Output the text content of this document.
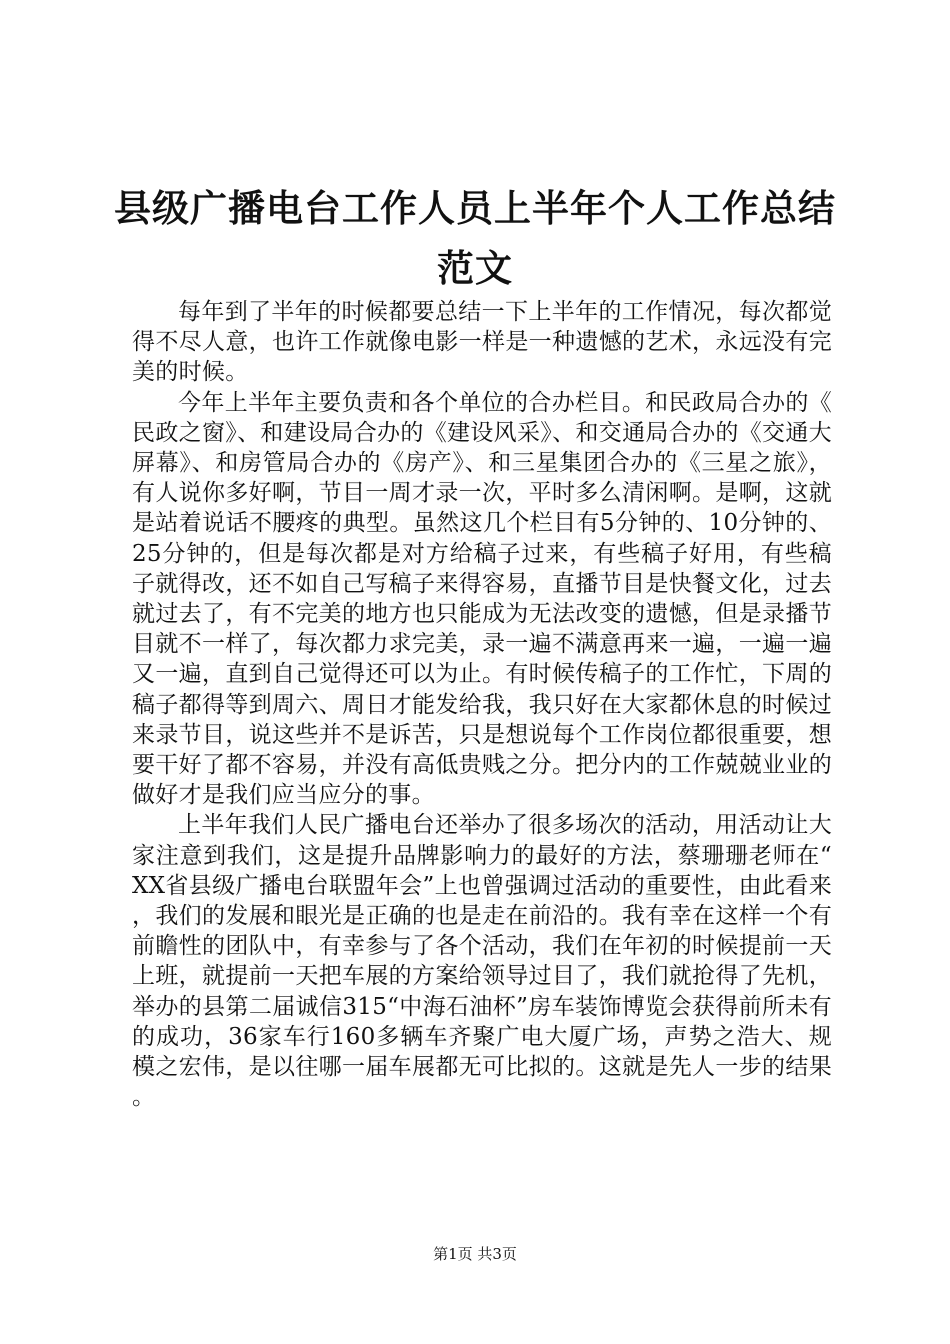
县级广播电台工作人员上半年个人工作总结范文

每年到了半年的时候都要总结一下上半年的工作情况，每次都觉得不尽人意，也许工作就像电影一样是一种遗憾的艺术，永远没有完美的时候。

今年上半年主要负责和各个单位的合办栏目。和民政局合办的《民政之窗》、和建设局合办的《建设风采》、和交通局合办的《交通大屏幕》、和房管局合办的《房产》、和三星集团合办的《三星之旅》，有人说你多好啊，节目一周才录一次，平时多么清闲啊。是啊，这就是站着说话不腰疼的典型。虽然这几个栏目有5分钟的、10分钟的、25分钟的，但是每次都是对方给稿子过来，有些稿子好用，有些稿子就得改，还不如自己写稿子来得容易，直播节目是快餐文化，过去就过去了，有不完美的地方也只能成为无法改变的遗憾，但是录播节目就不一样了，每次都力求完美，录一遍不满意再来一遍，一遍一遍又一遍，直到自己觉得还可以为止。有时候传稿子的工作忙，下周的稿子都得等到周六、周日才能发给我，我只好在大家都休息的时候过来录节目，说这些并不是诉苦，只是想说每个工作岗位都很重要，想要干好了都不容易，并没有高低贵贱之分。把分内的工作兢兢业业的做好才是我们应当应分的事。

上半年我们人民广播电台还举办了很多场次的活动，用活动让大家注意到我们，这是提升品牌影响力的最好的方法，蔡珊珊老师在“XX省县级广播电台联盟年会”上也曾强调过活动的重要性，由此看来，我们的发展和眼光是正确的也是走在前沿的。我有幸在这样一个有前瞻性的团队中，有幸参与了各个活动，我们在年初的时候提前一天上班，就提前一天把车展的方案给领导过目了，我们就抢得了先机，举办的县第二届诚信315“中海石油杯”房车装饰博览会获得前所未有的成功，36家车行160多辆车齐聚广电大厦广场，声势之浩大、规模之宏伟，是以往哪一届车展都无可比拟的。这就是先人一步的结果。

第1页 共3页
